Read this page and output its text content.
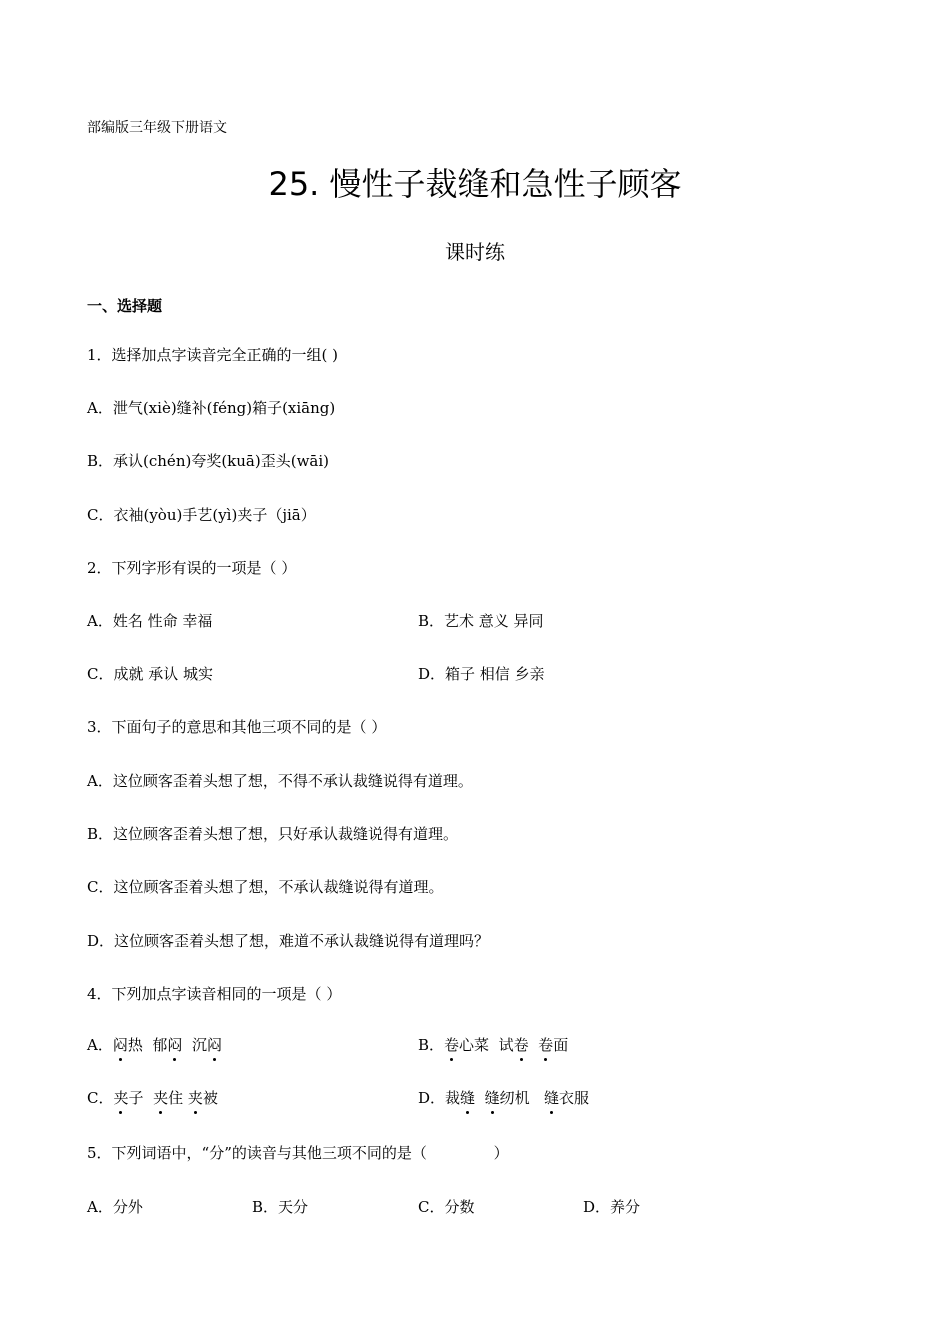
部编版三年级下册语文
25. 慢性子裁缝和急性子顾客
课时练
一、选择题
1．选择加点字读音完全正确的一组( )
A．泄气(xiè)缝补(féng)箱子(xiāng)
B．承认(chén)夸奖(kuā)歪头(wāi)
C．衣袖(yòu)手艺(yì)夹子（jiā）
2．下列字形有误的一项是（ ）
A．姓名 性命 幸福	B．艺术 意义 异同
C．成就 承认 城实	D．箱子 相信 乡亲
3．下面句子的意思和其他三项不同的是（ ）
A．这位顾客歪着头想了想，不得不承认裁缝说得有道理。
B．这位顾客歪着头想了想，只好承认裁缝说得有道理。
C．这位顾客歪着头想了想，不承认裁缝说得有道理。
D．这位顾客歪着头想了想，难道不承认裁缝说得有道理吗？
4．下列加点字读音相同的一项是（ ）
A．闷热  郁闷  沉闷	B．卷心菜  试卷 卷面
C．夹子 夹住 夹被	D．裁缝 缝纫机 缝衣服
5．下列词语中，“分”的读音与其他三项不同的是（              ）
A．分外	B．天分	C．分数	D．养分
